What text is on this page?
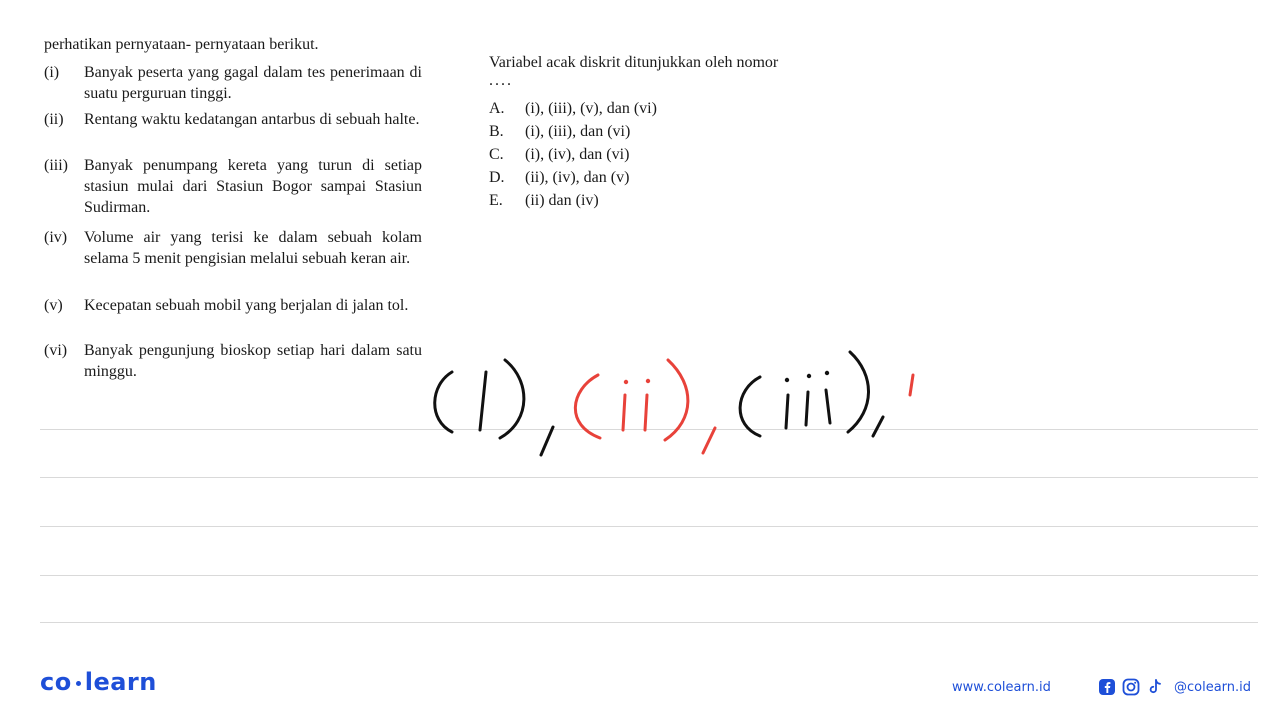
perhatikan pernyataan- pernyataan berikut.
(i)	Banyak peserta yang gagal dalam tes penerimaan di suatu perguruan tinggi.
(ii)	Rentang waktu kedatangan antarbus di sebuah halte.
(iii)	Banyak penumpang kereta yang turun di setiap stasiun mulai dari Stasiun Bogor sampai Stasiun Sudirman.
(iv)	Volume air yang terisi ke dalam sebuah kolam selama 5 menit pengisian melalui sebuah keran air.
(v)	Kecepatan sebuah mobil yang berjalan di jalan tol.
(vi)	Banyak pengunjung bioskop setiap hari dalam satu minggu.
Variabel acak diskrit ditunjukkan oleh nomor
....
A.	(i), (iii), (v), dan (vi)
B.	(i), (iii), dan (vi)
C.	(i), (iv), dan (vi)
D.	(ii), (iv), dan (v)
E.	(ii) dan (iv)
co learn	www.colearn.id	@colearn.id
